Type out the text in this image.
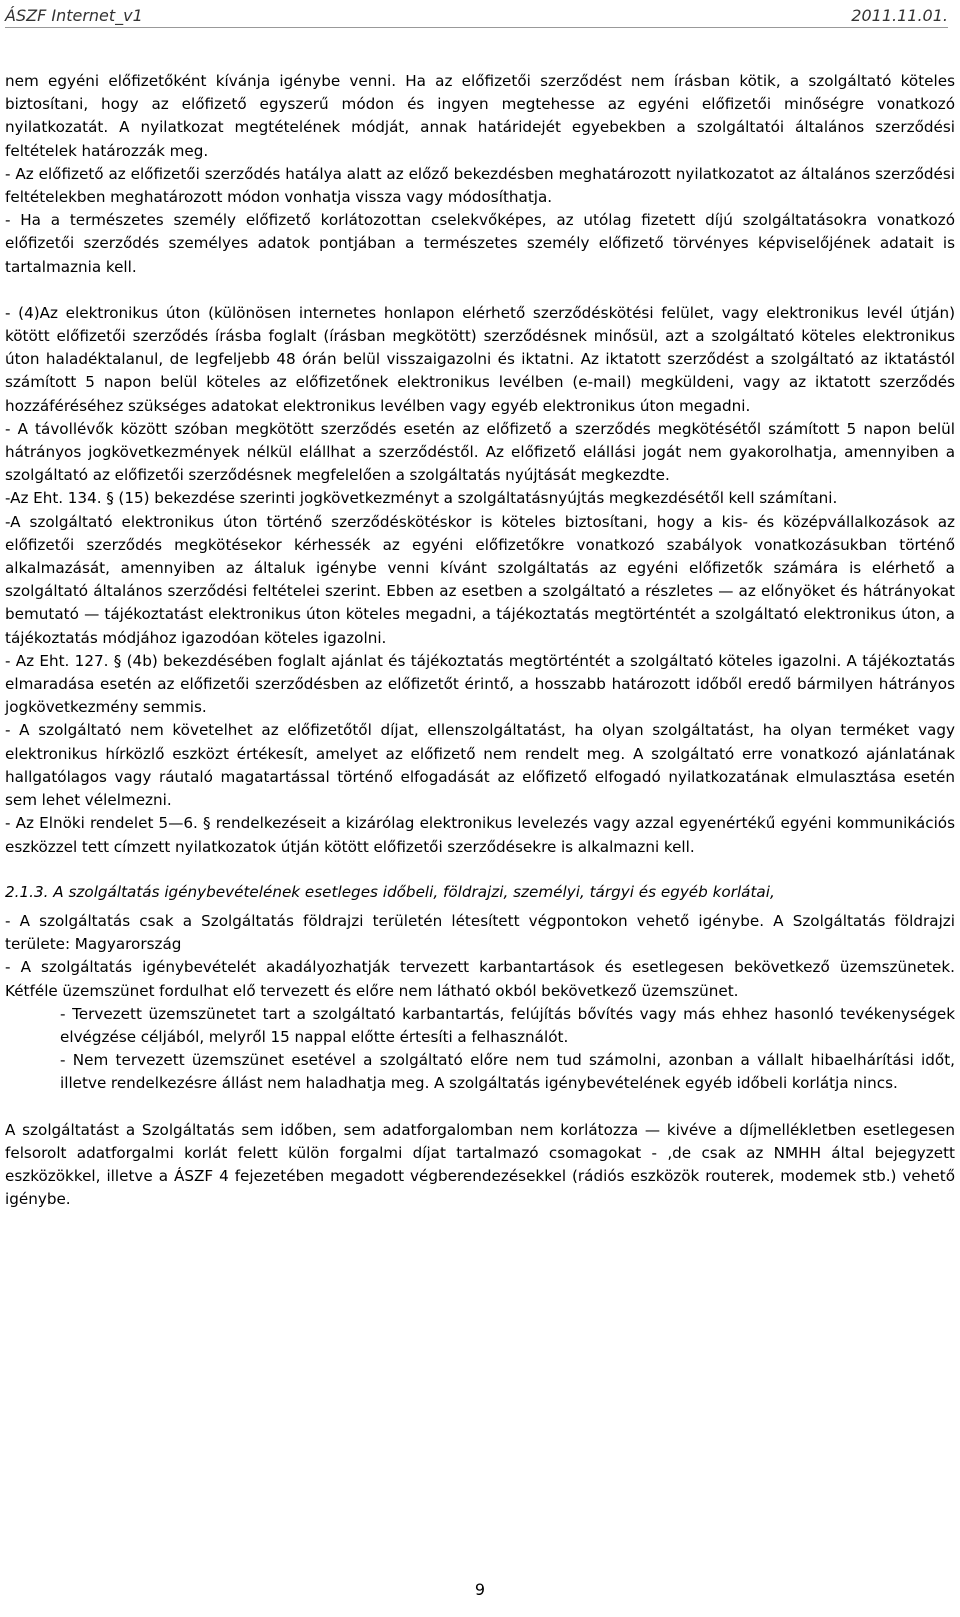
ÁSZF Internet_v1	2011.11.01.

nem egyéni előfizetőként kívánja igénybe venni. Ha az előfizetői szerződést nem írásban kötik, a szolgáltató köteles biztosítani, hogy az előfizető egyszerű módon és ingyen megtehesse az egyéni előfizetői minőségre vonatkozó nyilatkozatát. A nyilatkozat megtételének módját, annak határidejét egyebekben a szolgáltatói általános szerződési feltételek határozzák meg.

- Az előfizető az előfizetői szerződés hatálya alatt az előző bekezdésben meghatározott nyilatkozatot az általános szerződési feltételekben meghatározott módon vonhatja vissza vagy módosíthatja.

- Ha a természetes személy előfizető korlátozottan cselekvőképes, az utólag fizetett díjú szolgáltatásokra vonatkozó előfizetői szerződés személyes adatok pontjában a természetes személy előfizető törvényes képviselőjének adatait is tartalmaznia kell.

- (4)Az elektronikus úton (különösen internetes honlapon elérhető szerződéskötési felület, vagy elektronikus levél útján) kötött előfizetői szerződés írásba foglalt (írásban megkötött) szerződésnek minősül, azt a szolgáltató köteles elektronikus úton haladéktalanul, de legfeljebb 48 órán belül visszaigazolni és iktatni. Az iktatott szerződést a szolgáltató az iktatástól számított 5 napon belül köteles az előfizetőnek elektronikus levélben (e-mail) megküldeni, vagy az iktatott szerződés hozzáféréséhez szükséges adatokat elektronikus levélben vagy egyéb elektronikus úton megadni.

- A távollévők között szóban megkötött szerződés esetén az előfizető a szerződés megkötésétől számított 5 napon belül hátrányos jogkövetkezmények nélkül elállhat a szerződéstől. Az előfizető elállási jogát nem gyakorolhatja, amennyiben a szolgáltató az előfizetői szerződésnek megfelelően a szolgáltatás nyújtását megkezdte.

-Az Eht. 134. § (15) bekezdése szerinti jogkövetkezményt a szolgáltatásnyújtás megkezdésétől kell számítani.

-A szolgáltató elektronikus úton történő szerződéskötéskor is köteles biztosítani, hogy a kis- és középvállalkozások az előfizetői szerződés megkötésekor kérhessék az egyéni előfizetőkre vonatkozó szabályok vonatkozásukban történő alkalmazását, amennyiben az általuk igénybe venni kívánt szolgáltatás az egyéni előfizetők számára is elérhető a szolgáltató általános szerződési feltételei szerint. Ebben az esetben a szolgáltató a részletes — az előnyöket és hátrányokat bemutató — tájékoztatást elektronikus úton köteles megadni, a tájékoztatás megtörténtét a szolgáltató elektronikus úton, a tájékoztatás módjához igazodóan köteles igazolni.

- Az Eht. 127. § (4b) bekezdésében foglalt ajánlat és tájékoztatás megtörténtét a szolgáltató köteles igazolni. A tájékoztatás elmaradása esetén az előfizetői szerződésben az előfizetőt érintő, a hosszabb határozott időből eredő bármilyen hátrányos jogkövetkezmény semmis.

- A szolgáltató nem követelhet az előfizetőtől díjat, ellenszolgáltatást, ha olyan szolgáltatást, ha olyan terméket vagy elektronikus hírközlő eszközt értékesít, amelyet az előfizető nem rendelt meg. A szolgáltató erre vonatkozó ajánlatának hallgatólagos vagy ráutaló magatartással történő elfogadását az előfizető elfogadó nyilatkozatának elmulasztása esetén sem lehet vélelmezni.

- Az Elnöki rendelet 5—6. § rendelkezéseit a kizárólag elektronikus levelezés vagy azzal egyenértékű egyéni kommunikációs eszközzel tett címzett nyilatkozatok útján kötött előfizetői szerződésekre is alkalmazni kell.

2.1.3. A szolgáltatás igénybevételének esetleges időbeli, földrajzi, személyi, tárgyi és egyéb korlátai,

- A szolgáltatás csak a Szolgáltatás földrajzi területén létesített végpontokon vehető igénybe. A Szolgáltatás földrajzi területe: Magyarország

- A szolgáltatás igénybevételét akadályozhatják tervezett karbantartások és esetlegesen bekövetkező üzemszünetek. Kétféle üzemszünet fordulhat elő tervezett és előre nem látható okból bekövetkező üzemszünet.

- Tervezett üzemszünetet tart a szolgáltató karbantartás, felújítás bővítés vagy más ehhez hasonló tevékenységek elvégzése céljából, melyről 15 nappal előtte értesíti a felhasználót.

- Nem tervezett üzemszünet esetével a szolgáltató előre nem tud számolni, azonban a vállalt hibaelhárítási időt, illetve rendelkezésre állást nem haladhatja meg. A szolgáltatás igénybevételének egyéb időbeli korlátja nincs.

A szolgáltatást a Szolgáltatás sem időben, sem adatforgalomban nem korlátozza — kivéve a díjmellékletben esetlegesen felsorolt adatforgalmi korlát felett külön forgalmi díjat tartalmazó csomagokat - ,de csak az NMHH által bejegyzett eszközökkel, illetve a ÁSZF 4 fejezetében megadott végberendezésekkel (rádiós eszközök routerek, modemek stb.) vehető igénybe.

9
